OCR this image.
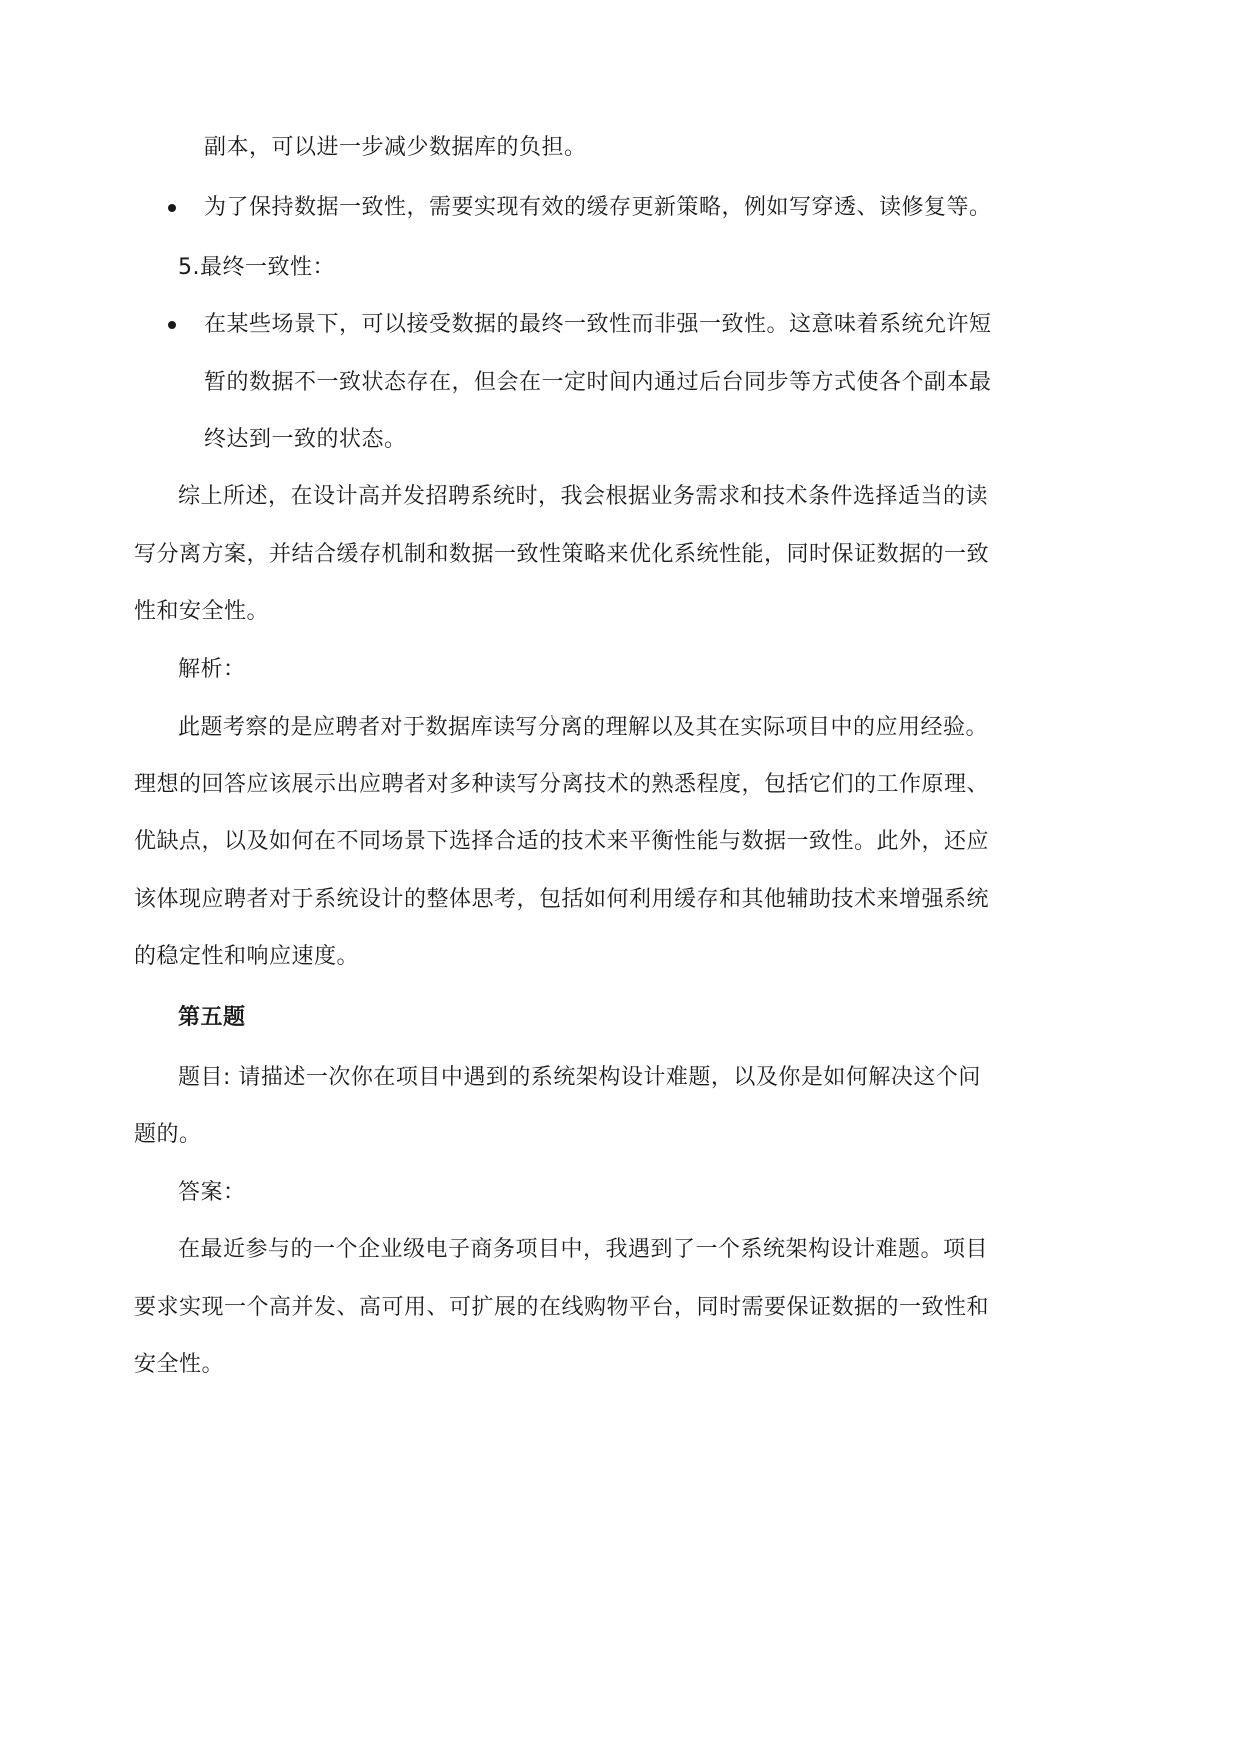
副本，可以进一步减少数据库的负担。
为了保持数据一致性，需要实现有效的缓存更新策略，例如写穿透、读修复等。
5.最终一致性：
在某些场景下，可以接受数据的最终一致性而非强一致性。这意味着系统允许短
暂的数据不一致状态存在，但会在一定时间内通过后台同步等方式使各个副本最
终达到一致的状态。
综上所述，在设计高并发招聘系统时，我会根据业务需求和技术条件选择适当的读
写分离方案，并结合缓存机制和数据一致性策略来优化系统性能，同时保证数据的一致
性和安全性。
解析：
此题考察的是应聘者对于数据库读写分离的理解以及其在实际项目中的应用经验。
理想的回答应该展示出应聘者对多种读写分离技术的熟悉程度，包括它们的工作原理、
优缺点，以及如何在不同场景下选择合适的技术来平衡性能与数据一致性。此外，还应
该体现应聘者对于系统设计的整体思考，包括如何利用缓存和其他辅助技术来增强系统
的稳定性和响应速度。
第五题
题目: 请描述一次你在项目中遇到的系统架构设计难题，以及你是如何解决这个问
题的。
答案：
在最近参与的一个企业级电子商务项目中，我遇到了一个系统架构设计难题。项目
要求实现一个高并发、高可用、可扩展的在线购物平台，同时需要保证数据的一致性和
安全性。
